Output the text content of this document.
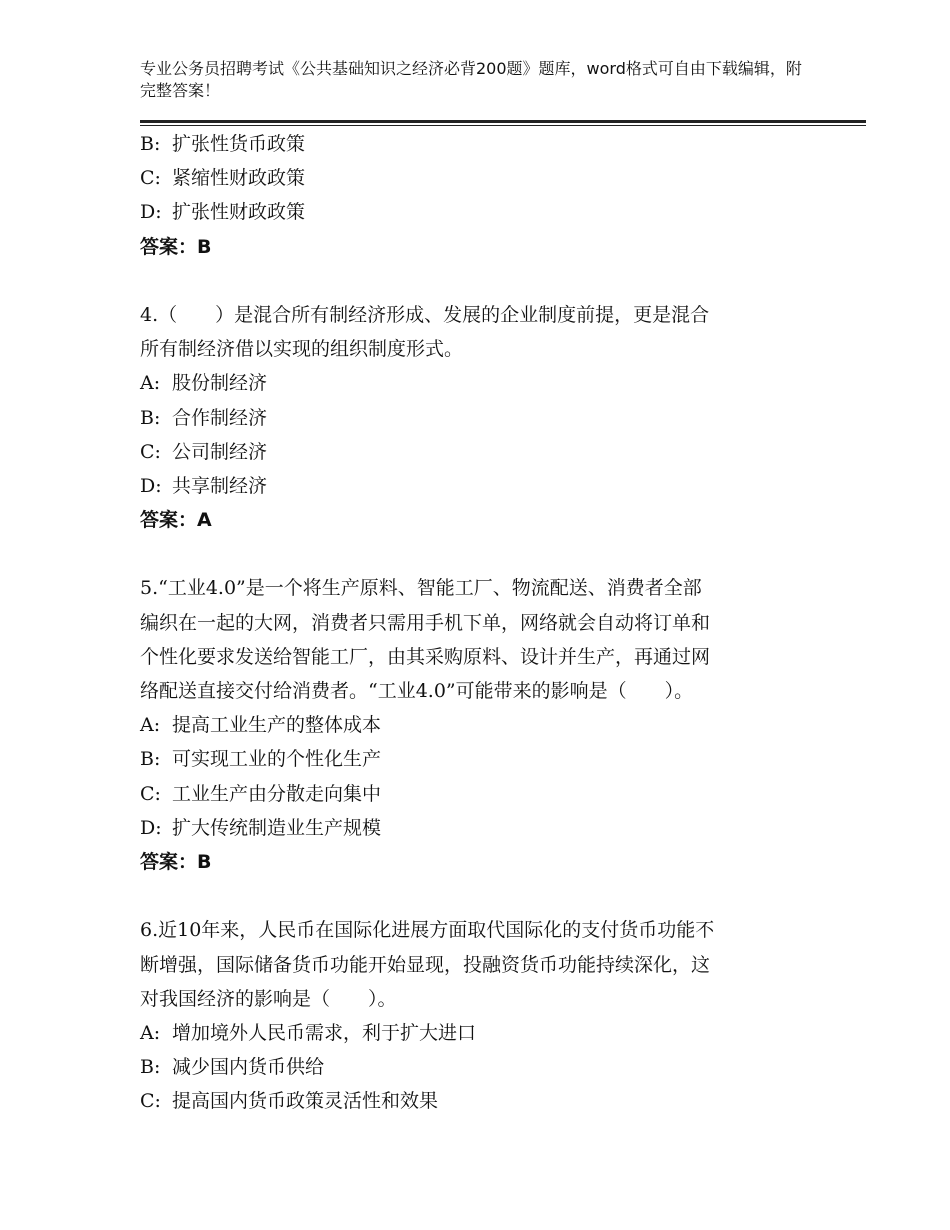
专业公务员招聘考试《公共基础知识之经济必背200题》题库，word格式可自由下载编辑，附完整答案！
B: 扩张性货币政策
C: 紧缩性财政政策
D: 扩张性财政政策
答案：B
4.（　　）是混合所有制经济形成、发展的企业制度前提，更是混合
所有制经济借以实现的组织制度形式。
A: 股份制经济
B: 合作制经济
C: 公司制经济
D: 共享制经济
答案：A
5.“工业4.0”是一个将生产原料、智能工厂、物流配送、消费者全部
编织在一起的大网，消费者只需用手机下单，网络就会自动将订单和
个性化要求发送给智能工厂，由其采购原料、设计并生产，再通过网
络配送直接交付给消费者。“工业4.0”可能带来的影响是（　　）。
A: 提高工业生产的整体成本
B: 可实现工业的个性化生产
C: 工业生产由分散走向集中
D: 扩大传统制造业生产规模
答案：B
6.近10年来，人民币在国际化进展方面取代国际化的支付货币功能不
断增强，国际储备货币功能开始显现，投融资货币功能持续深化，这
对我国经济的影响是（　　）。
A: 增加境外人民币需求，利于扩大进口
B: 减少国内货币供给
C: 提高国内货币政策灵活性和效果
